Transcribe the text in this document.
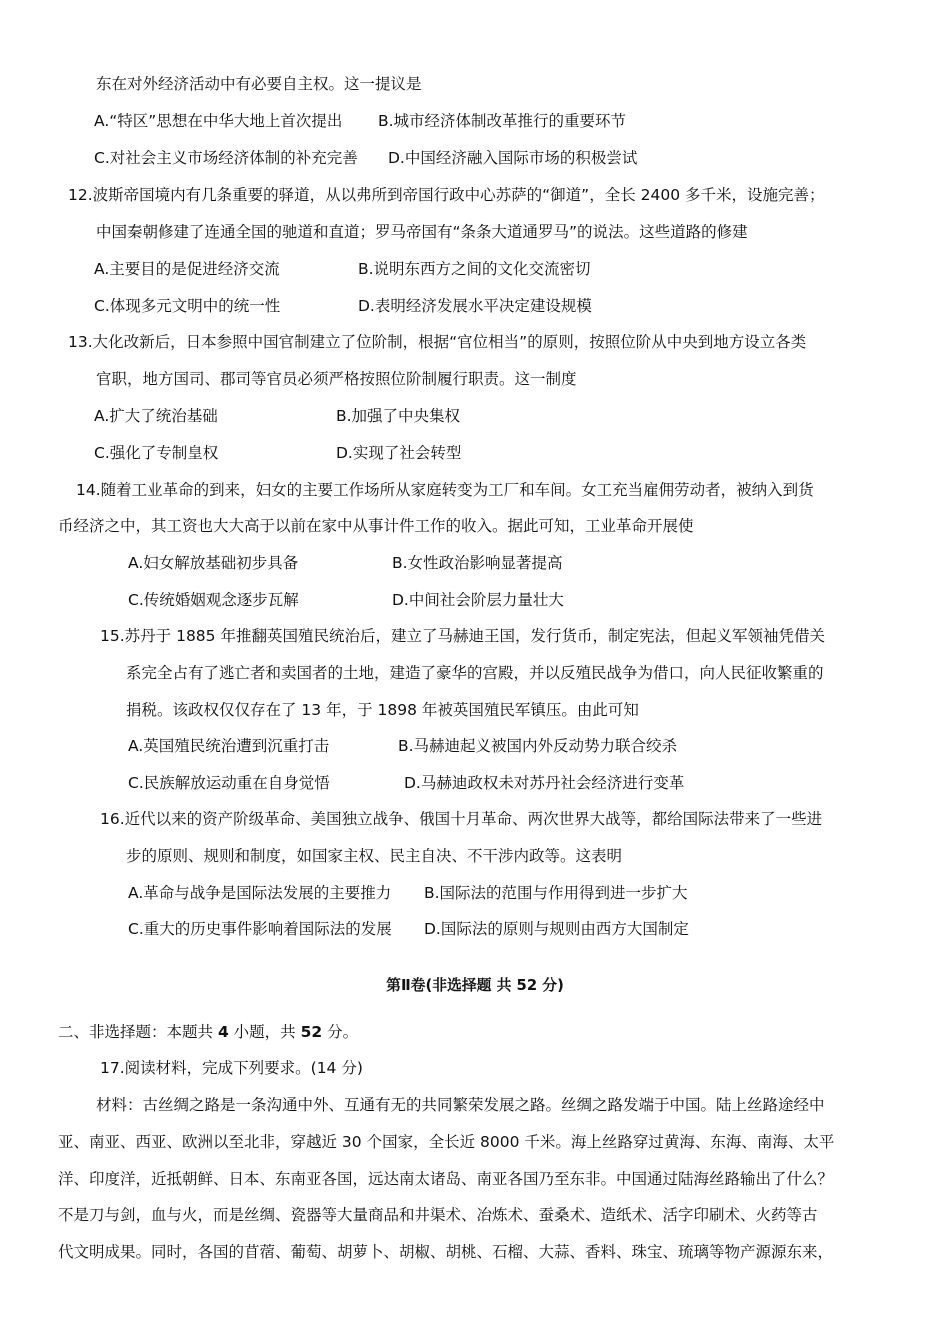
东在对外经济活动中有必要自主权。这一提议是
A.“特区”思想在中华大地上首次提出 B.城市经济体制改革推行的重要环节
C.对社会主义市场经济体制的补充完善 D.中国经济融入国际市场的积极尝试
12.波斯帝国境内有几条重要的驿道，从以弗所到帝国行政中心苏萨的“御道”，全长 2400 多千米，设施完善；
中国秦朝修建了连通全国的驰道和直道；罗马帝国有“条条大道通罗马”的说法。这些道路的修建
A.主要目的是促进经济交流	B.说明东西方之间的文化交流密切
C.体现多元文明中的统一性	D.表明经济发展水平决定建设规模
13.大化改新后，日本参照中国官制建立了位阶制，根据“官位相当”的原则，按照位阶从中央到地方设立各类
官职，地方国司、郡司等官员必须严格按照位阶制履行职责。这一制度
A.扩大了统治基础	B.加强了中央集权
C.强化了专制皇权	D.实现了社会转型
14.随着工业革命的到来，妇女的主要工作场所从家庭转变为工厂和车间。女工充当雇佣劳动者，被纳入到货
币经济之中，其工资也大大高于以前在家中从事计件工作的收入。据此可知，工业革命开展使
A.妇女解放基础初步具备	B.女性政治影响显著提高
C.传统婚姻观念逐步瓦解	D.中间社会阶层力量壮大
15.苏丹于 1885 年推翻英国殖民统治后，建立了马赫迪王国，发行货币，制定宪法，但起义军领袖凭借关
系完全占有了逃亡者和卖国者的土地，建造了豪华的宫殿，并以反殖民战争为借口，向人民征收繁重的
捐税。该政权仅仅存在了 13 年，于 1898 年被英国殖民军镇压。由此可知
A.英国殖民统治遭到沉重打击	B.马赫迪起义被国内外反动势力联合绞杀
C.民族解放运动重在自身觉悟	D.马赫迪政权未对苏丹社会经济进行变革
16.近代以来的资产阶级革命、美国独立战争、俄国十月革命、两次世界大战等，都给国际法带来了一些进
步的原则、规则和制度，如国家主权、民主自决、不干涉内政等。这表明
A.革命与战争是国际法发展的主要推力 B.国际法的范围与作用得到进一步扩大
C.重大的历史事件影响着国际法的发展 D.国际法的原则与规则由西方大国制定
第Ⅱ卷(非选择题 共 52 分)
二、非选择题：本题共 4 小题，共 52 分。
17.阅读材料，完成下列要求。(14 分)
材料：古丝绸之路是一条沟通中外、互通有无的共同繁荣发展之路。丝绸之路发端于中国。陆上丝路途经中
亚、南亚、西亚、欧洲以至北非，穿越近 30 个国家，全长近 8000 千米。海上丝路穿过黄海、东海、南海、太平
洋、印度洋，近抵朝鲜、日本、东南亚各国，远达南太诸岛、南亚各国乃至东非。中国通过陆海丝路输出了什么？
不是刀与剑，血与火，而是丝绸、瓷器等大量商品和井渠术、冶炼术、蚕桑术、造纸术、活字印刷术、火药等古
代文明成果。同时，各国的苜蓿、葡萄、胡萝卜、胡椒、胡桃、石榴、大蒜、香料、珠宝、琉璃等物产源源东来，
